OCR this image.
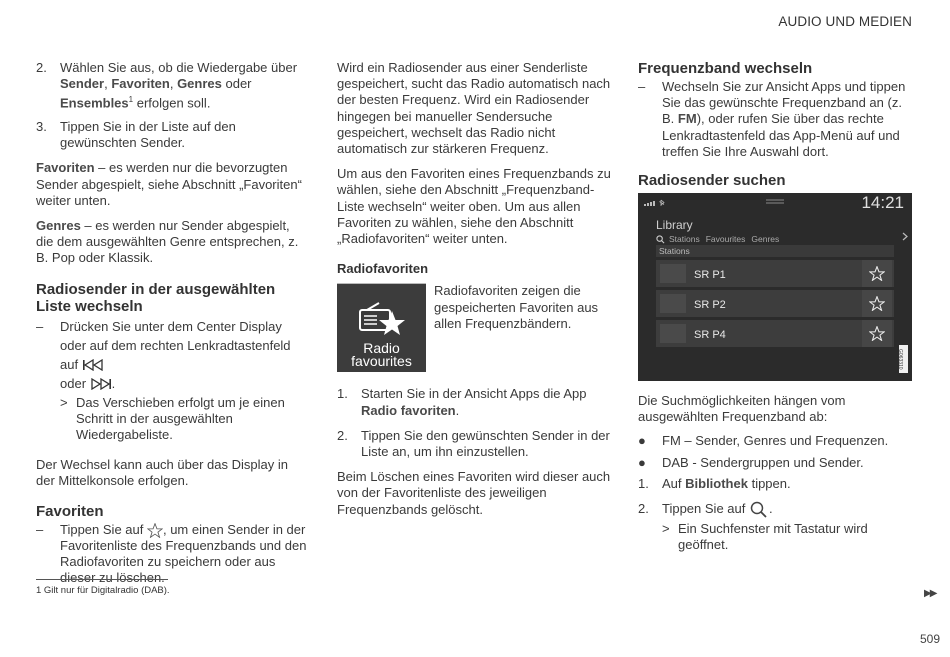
AUDIO UND MEDIEN
2. Wählen Sie aus, ob die Wiedergabe über Sender, Favoriten, Genres oder Ensembles$^1$ erfolgen soll.
3. Tippen Sie in der Liste auf den gewünschten Sender.

Favoriten – es werden nur die bevorzugten Sender abgespielt, siehe Abschnitt „Favoriten“ weiter unten.

Genres – es werden nur Sender abgespielt, die dem ausgewählten Genre entsprechen, z. B. Pop oder Klassik.

Radiosender in der ausgewählten Liste wechseln
– Drücken Sie unter dem Center Display oder auf dem rechten Lenkradtastenfeld auf
oder .
> Das Verschieben erfolgt um je einen Schritt in der ausgewählten Wiedergabeliste.

Der Wechsel kann auch über das Display in der Mittelkonsole erfolgen.

Favoriten
– Tippen Sie auf , um einen Sender in der Favoritenliste des Frequenzbands und den Radiofavoriten zu speichern oder aus dieser zu löschen.

Wird ein Radiosender aus einer Senderliste gespeichert, sucht das Radio automatisch nach der besten Frequenz. Wird ein Radiosender hingegen bei manueller Sendersuche gespeichert, wechselt das Radio nicht automatisch zur stärkeren Frequenz.

Um aus den Favoriten eines Frequenzbands zu wählen, siehe den Abschnitt „Frequenzband-Liste wechseln“ weiter oben. Um aus allen Favoriten zu wählen, siehe den Abschnitt „Radiofavoriten“ weiter unten.

Radiofavoriten
Radio
favourites
Radiofavoriten zeigen die gespeicherten Favoriten aus allen Frequenzbändern.
1. Starten Sie in der Ansicht Apps die App Radio favoriten.
2. Tippen Sie den gewünschten Sender in der Liste an, um ihn einzustellen.

Beim Löschen eines Favoriten wird dieser auch von der Favoritenliste des jeweiligen Frequenzbands gelöscht.

Frequenzband wechseln
– Wechseln Sie zur Ansicht Apps und tippen Sie das gewünschte Frequenzband an (z. B. FM), oder rufen Sie über das rechte Lenkradtastenfeld das App-Menü auf und treffen Sie Ihre Auswahl dort.
Radiosender suchen
14:21
Library
Stations Favourites Genres
Stations
SR P1
SR P2
SR P4
G063310

Die Suchmöglichkeiten hängen vom ausgewählten Frequenzband ab:

● FM – Sender, Genres und Frequenzen.
● DAB - Sendergruppen und Sender.
1. Auf Bibliothek tippen.
2. Tippen Sie auf .
> Ein Suchfenster mit Tastatur wird geöffnet.
▶▶
1 Gilt nur für Digitalradio (DAB).
509
